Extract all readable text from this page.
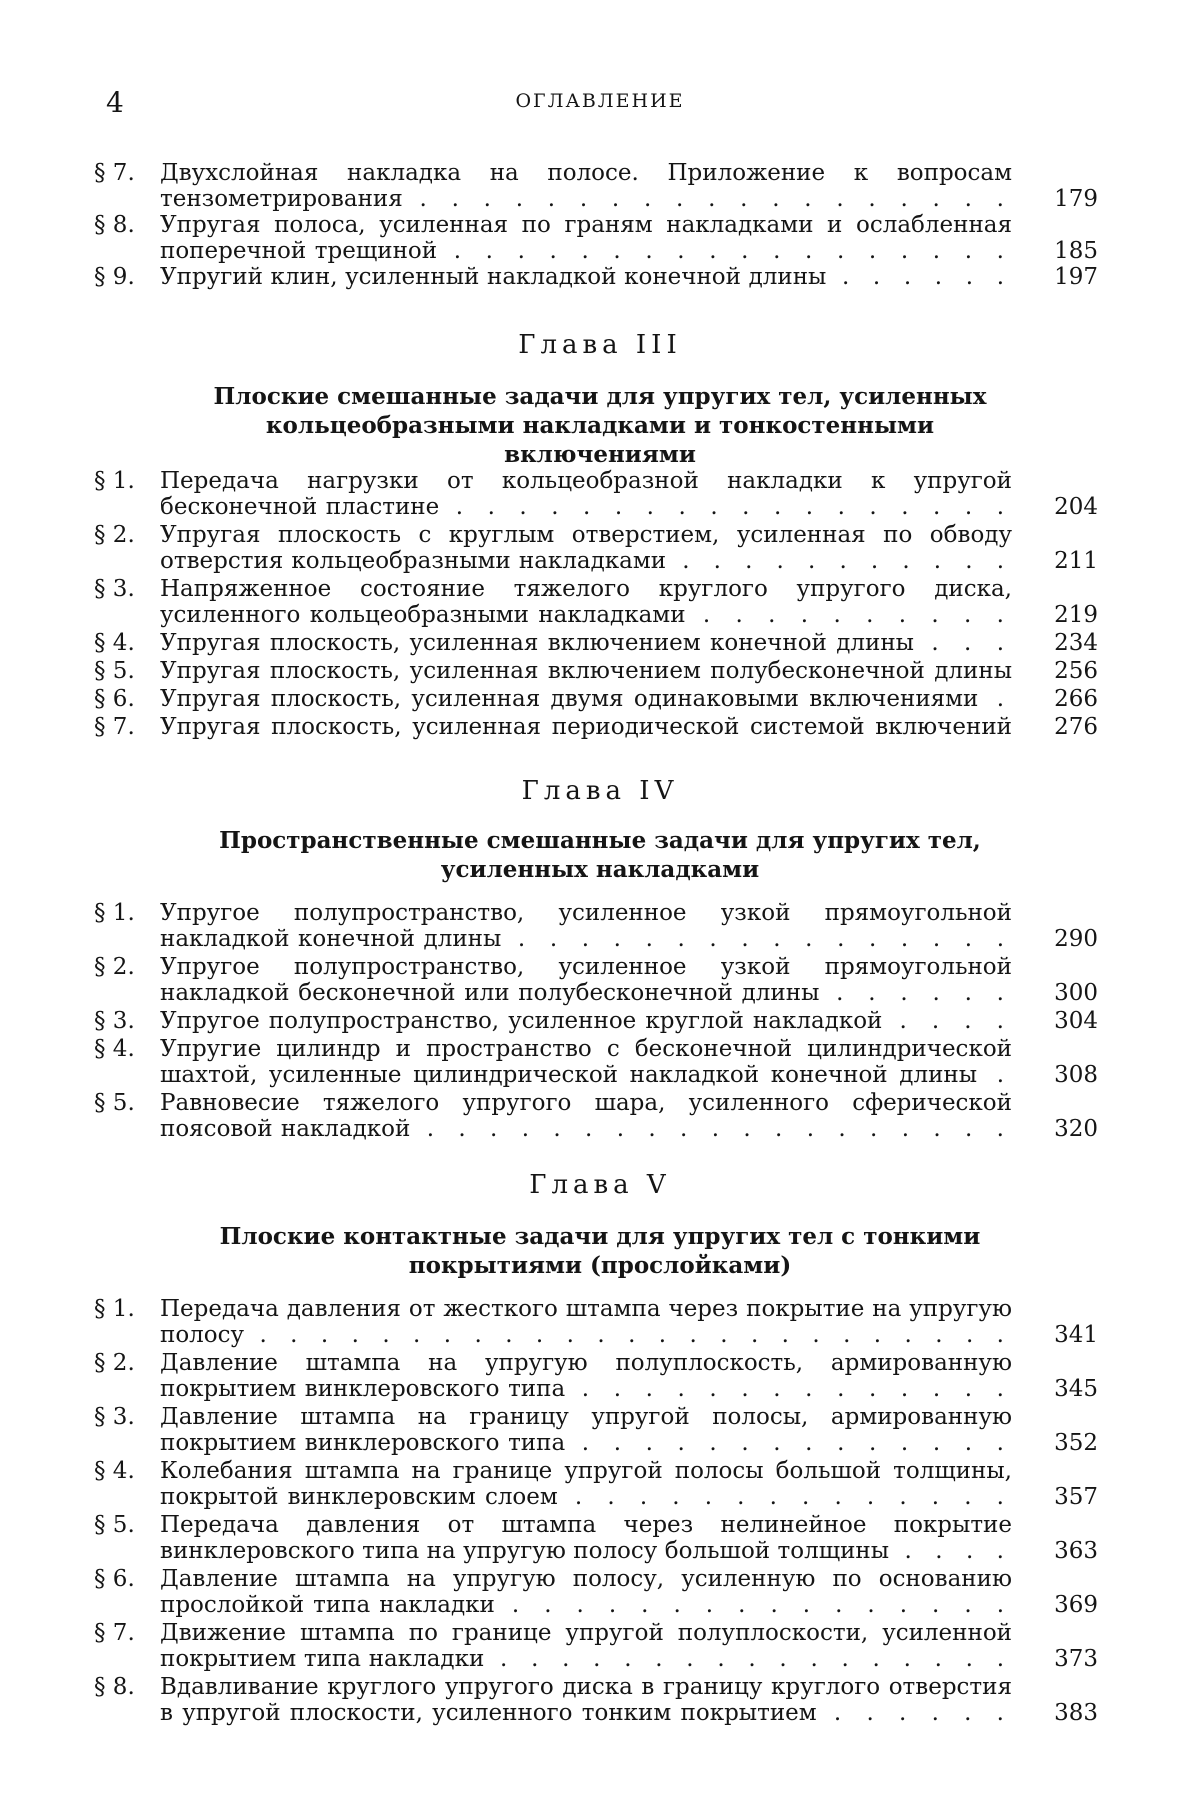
4	ОГЛАВЛЕНИЕ
§ 7.	Двухслойная накладка на полосе. Приложение к вопросам тензометрирования . . . . . . . . . . . . . . . . . . .	179
§ 8.	Упругая полоса, усиленная по граням накладками и ослабленная поперечной трещиной . . . . . . . . . . . . . . . . . .	185
§ 9.	Упругий клин, усиленный накладкой конечной длины . . . . . .	197
Глава III
Плоские смешанные задачи для упругих тел, усиленных кольцеобразными накладками и тонкостенными включениями
§ 1.	Передача нагрузки от кольцеобразной накладки к упругой бесконечной пластине . . . . . . . . . . . . . . . . . .	204
§ 2.	Упругая плоскость с круглым отверстием, усиленная по обводу отверстия кольцеобразными накладками . . . . . . . . . . .	211
§ 3.	Напряженное состояние тяжелого круглого упругого диска, усиленного кольцеобразными накладками . . . . . . . . . .	219
§ 4.	Упругая плоскость, усиленная включением конечной длины . . .	234
§ 5.	Упругая плоскость, усиленная включением полубесконечной длины	256
§ 6.	Упругая плоскость, усиленная двумя одинаковыми включениями .	266
§ 7.	Упругая плоскость, усиленная периодической системой включений	276
Глава IV
Пространственные смешанные задачи для упругих тел, усиленных накладками
§ 1.	Упругое полупространство, усиленное узкой прямоугольной накладкой конечной длины . . . . . . . . . . . . . . . .	290
§ 2.	Упругое полупространство, усиленное узкой прямоугольной накладкой бесконечной или полубесконечной длины . . . . . .	300
§ 3.	Упругое полупространство, усиленное круглой накладкой . . . .	304
§ 4.	Упругие цилиндр и пространство с бесконечной цилиндрической шахтой, усиленные цилиндрической накладкой конечной длины .	308
§ 5.	Равновесие тяжелого упругого шара, усиленного сферической поясовой накладкой . . . . . . . . . . . . . . . . . . .	320
Глава V
Плоские контактные задачи для упругих тел с тонкими покрытиями (прослойками)
§ 1.	Передача давления от жесткого штампа через покрытие на упругую полосу . . . . . . . . . . . . . . . . . . . . . . . . .	341
§ 2.	Давление штампа на упругую полуплоскость, армированную покрытием винклеровского типа . . . . . . . . . . . . . .	345
§ 3.	Давление штампа на границу упругой полосы, армированную покрытием винклеровского типа . . . . . . . . . . . . . .	352
§ 4.	Колебания штампа на границе упругой полосы большой толщины, покрытой винклеровским слоем . . . . . . . . . . . . . .	357
§ 5.	Передача давления от штампа через нелинейное покрытие винклеровского типа на упругую полосу большой толщины . . . .	363
§ 6.	Давление штампа на упругую полосу, усиленную по основанию прослойкой типа накладки . . . . . . . . . . . . . . . .	369
§ 7.	Движение штампа по границе упругой полуплоскости, усиленной покрытием типа накладки . . . . . . . . . . . . . . . . .	373
§ 8.	Вдавливание круглого упругого диска в границу круглого отверстия в упругой плоскости, усиленного тонким покрытием . . . . . .	383
